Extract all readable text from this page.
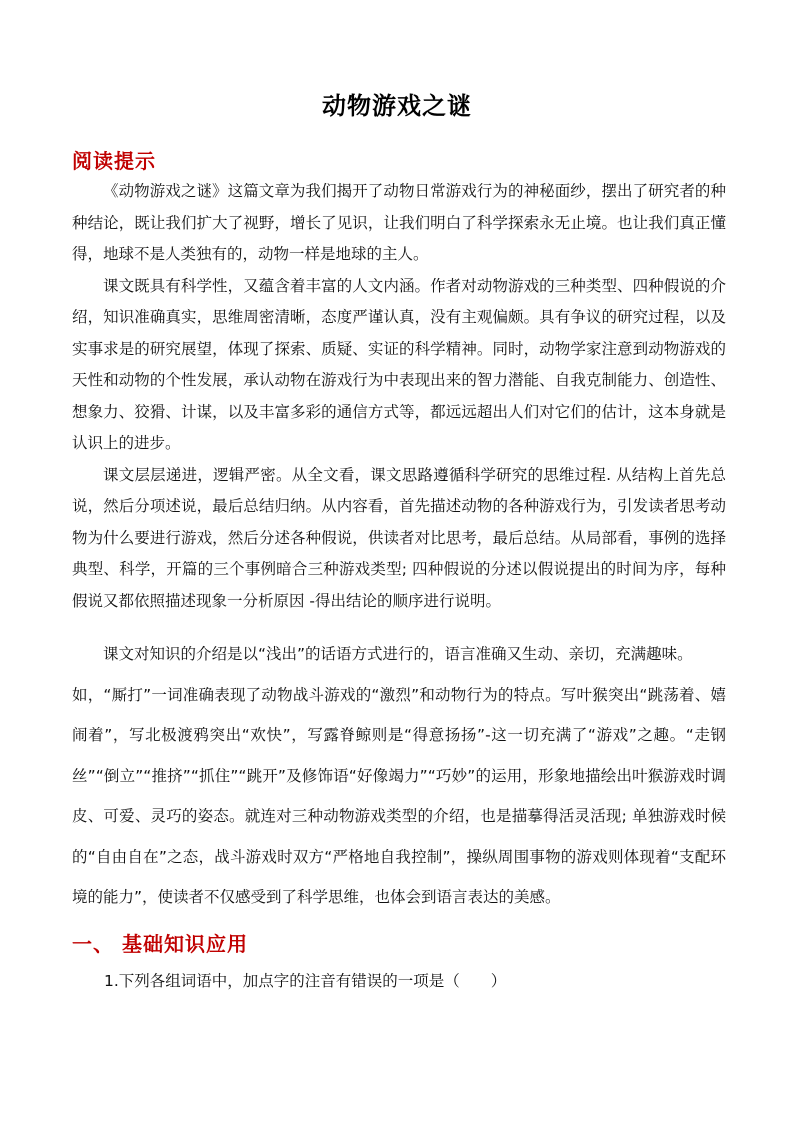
动物游戏之谜
阅读提示

《动物游戏之谜》这篇文章为我们揭开了动物日常游戏行为的神秘面纱，摆出了研究者的种种结论，既让我们扩大了视野，增长了见识，让我们明白了科学探索永无止境。也让我们真正懂得，地球不是人类独有的，动物一样是地球的主人。

课文既具有科学性，又蕴含着丰富的人文内涵。作者对动物游戏的三种类型、四种假说的介绍，知识准确真实，思维周密清晰，态度严谨认真，没有主观偏颇。具有争议的研究过程，以及实事求是的研究展望，体现了探索、质疑、实证的科学精神。同时，动物学家注意到动物游戏的天性和动物的个性发展，承认动物在游戏行为中表现出来的智力潜能、自我克制能力、创造性、想象力、狡猾、计谋，以及丰富多彩的通信方式等，都远远超出人们对它们的估计，这本身就是认识上的进步。

课文层层递进，逻辑严密。从全文看，课文思路遵循科学研究的思维过程. 从结构上首先总说，然后分项述说，最后总结归纳。从内容看，首先描述动物的各种游戏行为，引发读者思考动物为什么要进行游戏，然后分述各种假说，供读者对比思考，最后总结。从局部看，事例的选择典型、科学，开篇的三个事例暗合三种游戏类型; 四种假说的分述以假说提出的时间为序，每种假说又都依照描述现象一分析原因 -得出结论的顺序进行说明。

课文对知识的介绍是以“浅出”的话语方式进行的，语言准确又生动、亲切，充满趣味。

如，“厮打”一词准确表现了动物战斗游戏的“激烈”和动物行为的特点。写叶猴突出“跳荡着、嬉闹着”，写北极渡鸦突出“欢快”，写露脊鲸则是“得意扬扬”-这一切充满了“游戏”之趣。“走钢丝”“倒立”“推挤”“抓住”“跳开”及修饰语“好像竭力”“巧妙”的运用，形象地描绘出叶猴游戏时调皮、可爱、灵巧的姿态。就连对三种动物游戏类型的介绍，也是描摹得活灵活现; 单独游戏时候的“自由自在”之态，战斗游戏时双方“严格地自我控制”，操纵周围事物的游戏则体现着“支配环境的能力”，使读者不仅感受到了科学思维，也体会到语言表达的美感。

一、 基础知识应用
1.下列各组词语中，加点字的注音有错误的一项是（　　）
